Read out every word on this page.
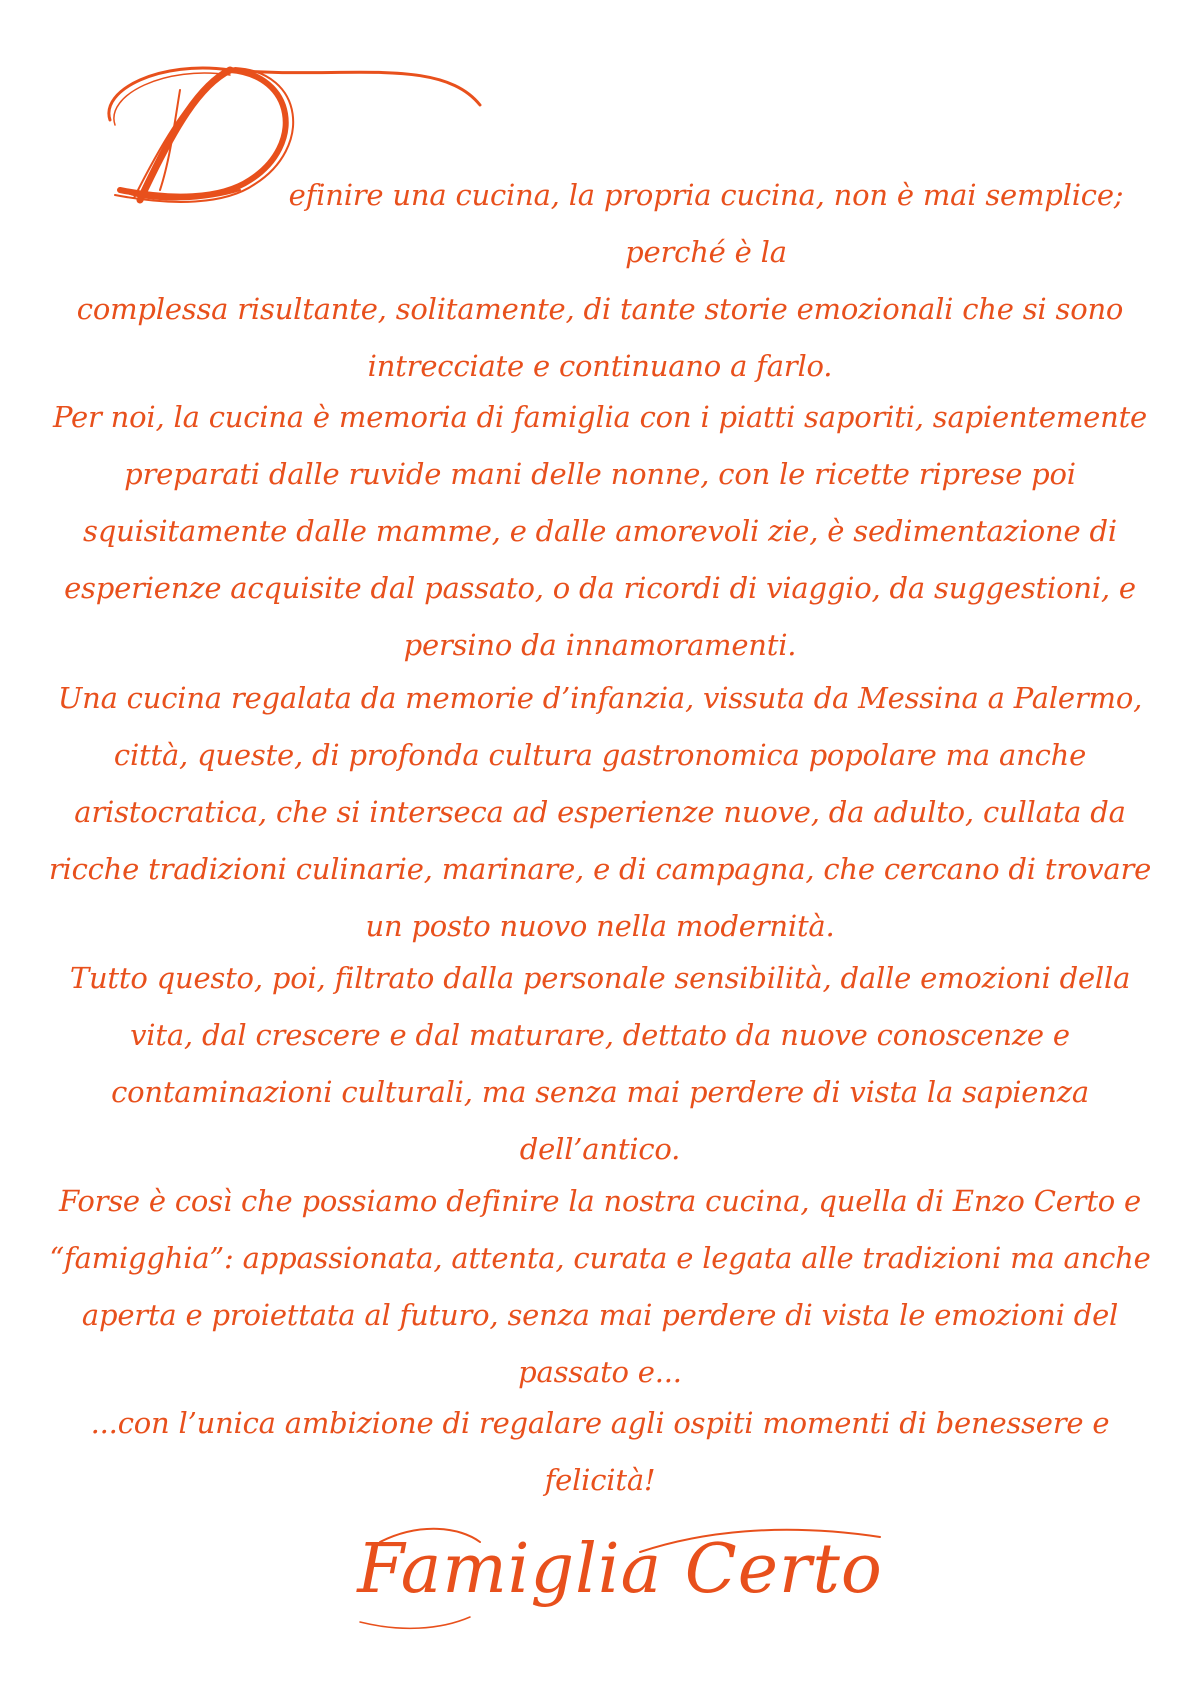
efinire una cucina, la propria cucina, non è mai semplice; perché è la
complessa risultante, solitamente, di tante storie emozionali che si sono intrecciate e continuano a farlo.
Per noi, la cucina è memoria di famiglia con i piatti saporiti, sapientemente preparati dalle ruvide mani delle nonne, con le ricette riprese poi squisitamente dalle mamme, e dalle amorevoli zie, è sedimentazione di esperienze acquisite dal passato, o da ricordi di viaggio, da suggestioni, e persino da innamoramenti.
Una cucina regalata da memorie d’infanzia, vissuta da Messina a Palermo, città, queste, di profonda cultura gastronomica popolare ma anche aristocratica, che si interseca ad esperienze nuove, da adulto, cullata da ricche tradizioni culinarie, marinare, e di campagna, che cercano di trovare un posto nuovo nella modernità.
Tutto questo, poi, filtrato dalla personale sensibilità, dalle emozioni della vita, dal crescere e dal maturare, dettato da nuove conoscenze e contaminazioni culturali, ma senza mai perdere di vista la sapienza dell’antico.
Forse è così che possiamo definire la nostra cucina, quella di Enzo Certo e “famigghia”: appassionata, attenta, curata e legata alle tradizioni ma anche aperta e proiettata al futuro, senza mai perdere di vista le emozioni del passato e...
...con l’unica ambizione di regalare agli ospiti momenti di benessere e felicità!
Famiglia Certo
